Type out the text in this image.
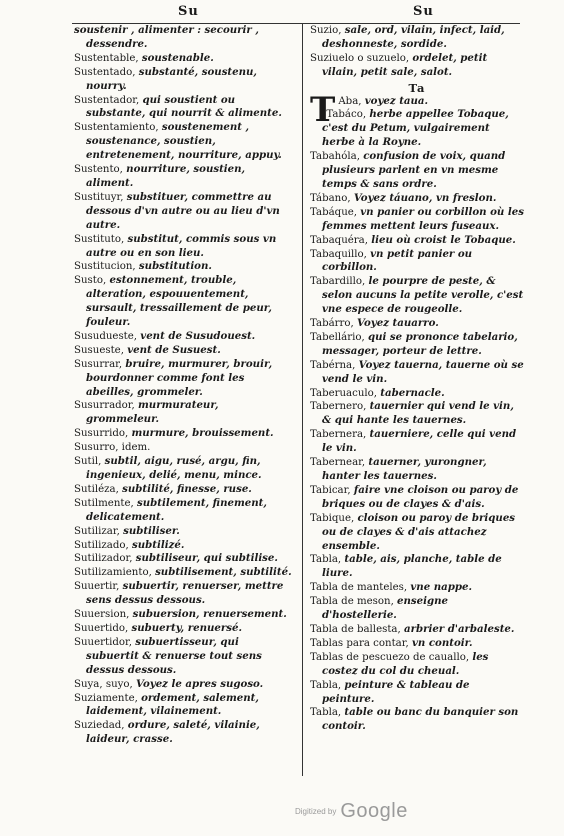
Su	Su

soustenir , alimenter : secourir , dessendre.

Sustentable, soustenable.

Sustentado, substanté, soustenu, nourry.

Sustentador, qui soustient ou substante, qui nourrit & alimente.

Sustentamiento, soustenement , soustenance, soustien, entretenement, nourriture, appuy.

Sustento, nourriture, soustien, aliment.

Sustituyr, substituer, commettre au dessous d'vn autre ou au lieu d'vn autre.

Sustituto, substitut, commis sous vn autre ou en son lieu.

Sustitucion, substitution.

Susto, estonnement, trouble, alteration, espouuentement, sursault, tressaillement de peur, fouleur.

Susudueste, vent de Susudouest.

Susueste, vent de Susuest.

Susurrar, bruire, murmurer, brouir, bourdonner comme font les abeilles, grommeler.

Susurrador, murmurateur, grommeleur.

Susurrido, murmure, brouissement.

Susurro, idem.

Sutil, subtil, aigu, rusé, argu, fin, ingenieux, delié, menu, mince.

Sutiléza, subtilité, finesse, ruse.

Sutilmente, subtilement, finement, delicatement.

Sutilizar, subtiliser.

Sutilizado, subtilizé.

Sutilizador, subtiliseur, qui subtilise.

Sutilizamiento, subtilisement, subtilité.

Suuertir, subuertir, renuerser, mettre sens dessus dessous.

Suuersion, subuersion, renuersement.

Suuertido, subuerty, renuersé.

Suuertidor, subuertisseur, qui subuertit & renuerse tout sens dessus dessous.

Suya, suyo, Voyez le apres sugoso.

Suziamente, ordement, salement, laidement, vilainement.

Suziedad, ordure, saleté, vilainie, laideur, crasse.

Suzio, sale, ord, vilain, infect, laid, deshonneste, sordide.

Suziuelo o suzuelo, ordelet, petit vilain, petit sale, salot.

Ta

T Aba, voyez taua.

Tabáco, herbe appellee Tobaque, c'est du Petum, vulgairement herbe à la Royne.

Tabahóla, confusion de voix, quand plusieurs parlent en vn mesme temps & sans ordre.

Tábano, Voyez táuano, vn freslon.

Tabáque, vn panier ou corbillon où les femmes mettent leurs fuseaux.

Tabaquéra, lieu où croist le Tobaque.

Tabaquillo, vn petit panier ou corbillon.

Tabardillo, le pourpre de peste, & selon aucuns la petite verolle, c'est vne espece de rougeolle.

Tabárro, Voyez tauarro.

Tabellário, qui se prononce tabelario, messager, porteur de lettre.

Tabérna, Voyez tauerna, tauerne où se vend le vin.

Taberuaculo, tabernacle.

Tabernero, tauernier qui vend le vin, & qui hante les tauernes.

Tabernera, tauerniere, celle qui vend le vin.

Tabernear, tauerner, yurongner, hanter les tauernes.

Tabicar, faire vne cloison ou paroy de briques ou de clayes & d'ais.

Tabique, cloison ou paroy de briques ou de clayes & d'ais attachez ensemble.

Tabla, table, ais, planche, table de liure.

Tabla de manteles, vne nappe.

Tabla de meson, enseigne d'hostellerie.

Tabla de ballesta, arbrier d'arbaleste.

Tablas para contar, vn contoir.

Tablas de pescuezo de cauallo, les costez du col du cheual.

Tabla, peinture & tableau de peinture.

Tabla, table ou banc du banquier son contoir.

Digitized by Google
